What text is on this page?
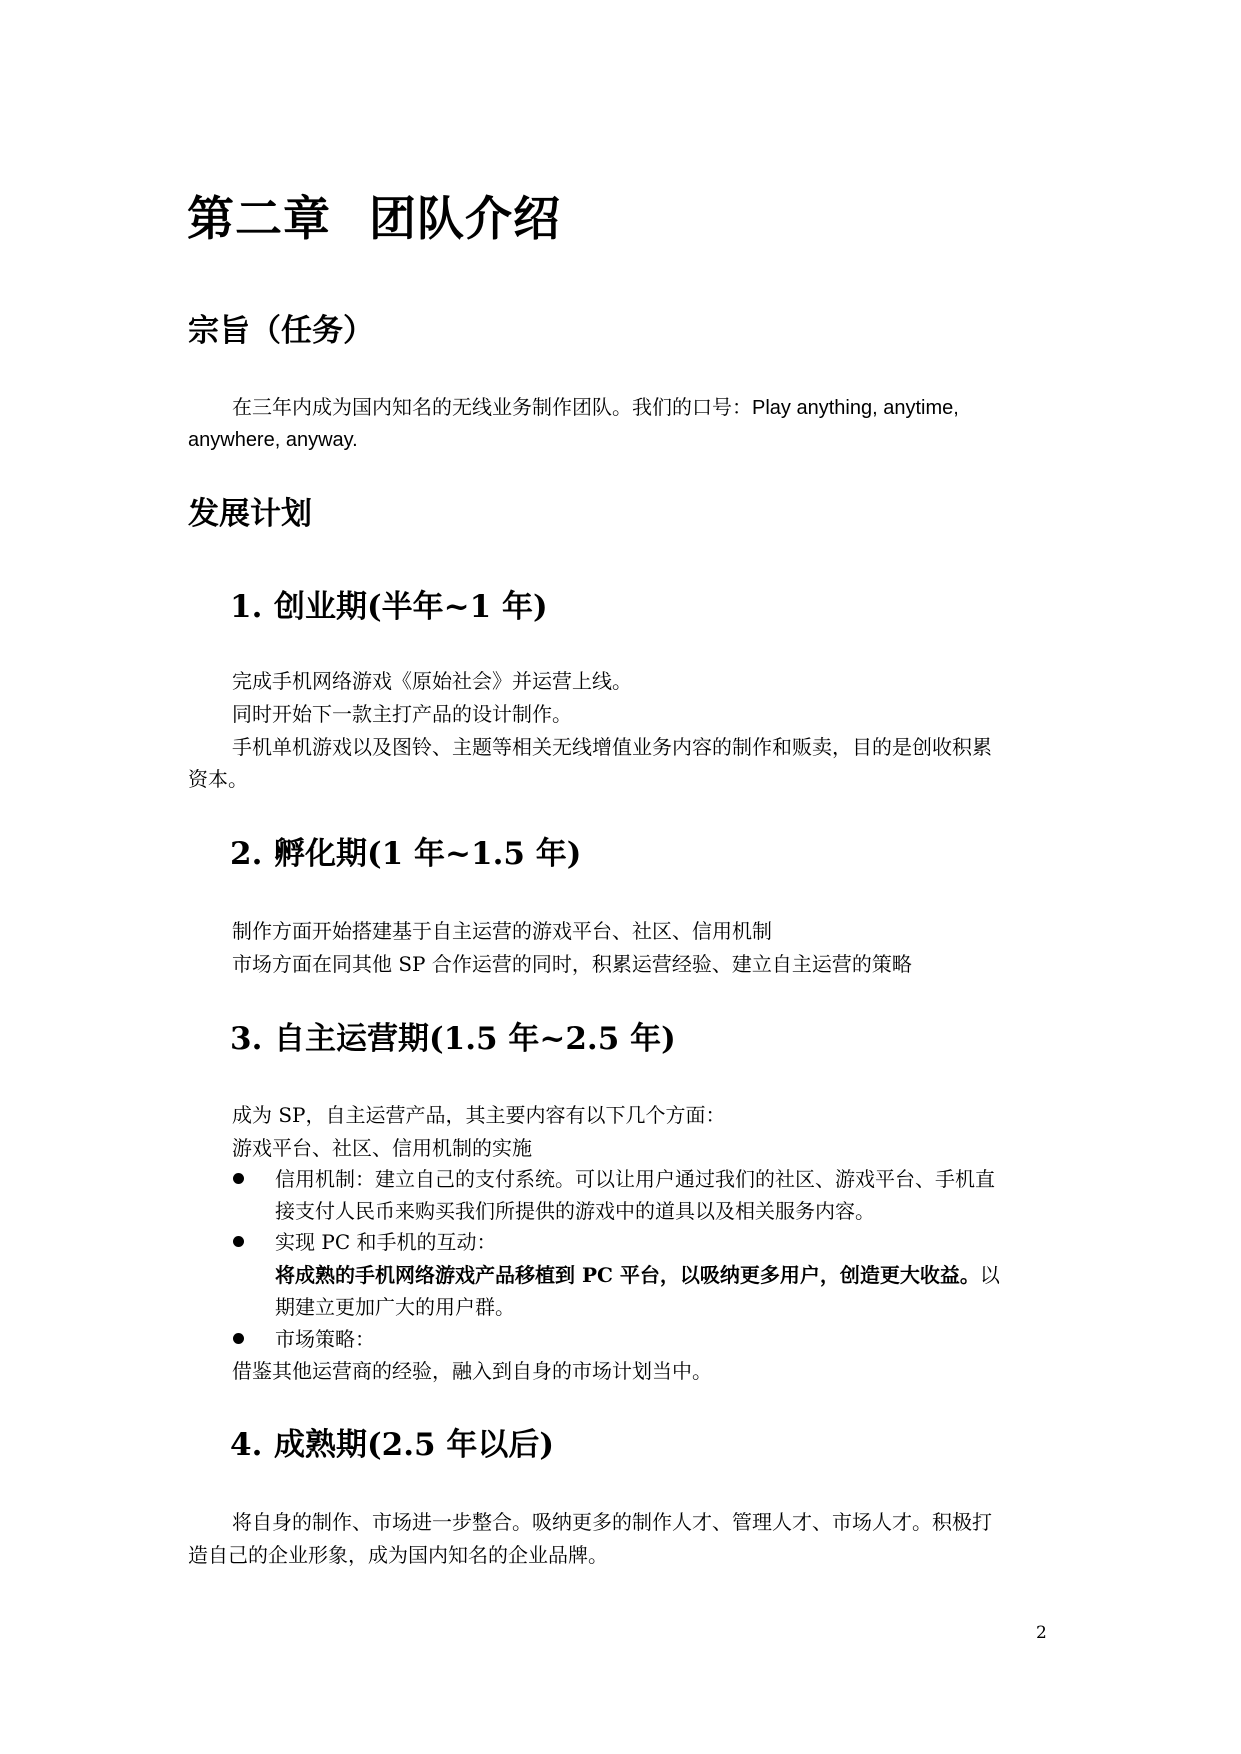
第二章 团队介绍
宗旨（任务）
在三年内成为国内知名的无线业务制作团队。我们的口号：Play anything, anytime,
anywhere, anyway.
发展计划
1. 创业期(半年~1 年)
完成手机网络游戏《原始社会》并运营上线。
同时开始下一款主打产品的设计制作。
手机单机游戏以及图铃、主题等相关无线增值业务内容的制作和贩卖，目的是创收积累
资本。
2. 孵化期(1 年~1.5 年)
制作方面开始搭建基于自主运营的游戏平台、社区、信用机制
市场方面在同其他 SP 合作运营的同时，积累运营经验、建立自主运营的策略
3. 自主运营期(1.5 年~2.5 年)
成为 SP，自主运营产品，其主要内容有以下几个方面：
游戏平台、社区、信用机制的实施
信用机制：建立自己的支付系统。可以让用户通过我们的社区、游戏平台、手机直
接支付人民币来购买我们所提供的游戏中的道具以及相关服务内容。
实现 PC 和手机的互动：
将成熟的手机网络游戏产品移植到 PC 平台，以吸纳更多用户，创造更大收益。以
期建立更加广大的用户群。
市场策略：
借鉴其他运营商的经验，融入到自身的市场计划当中。
4. 成熟期(2.5 年以后)
将自身的制作、市场进一步整合。吸纳更多的制作人才、管理人才、市场人才。积极打
造自己的企业形象，成为国内知名的企业品牌。
2
